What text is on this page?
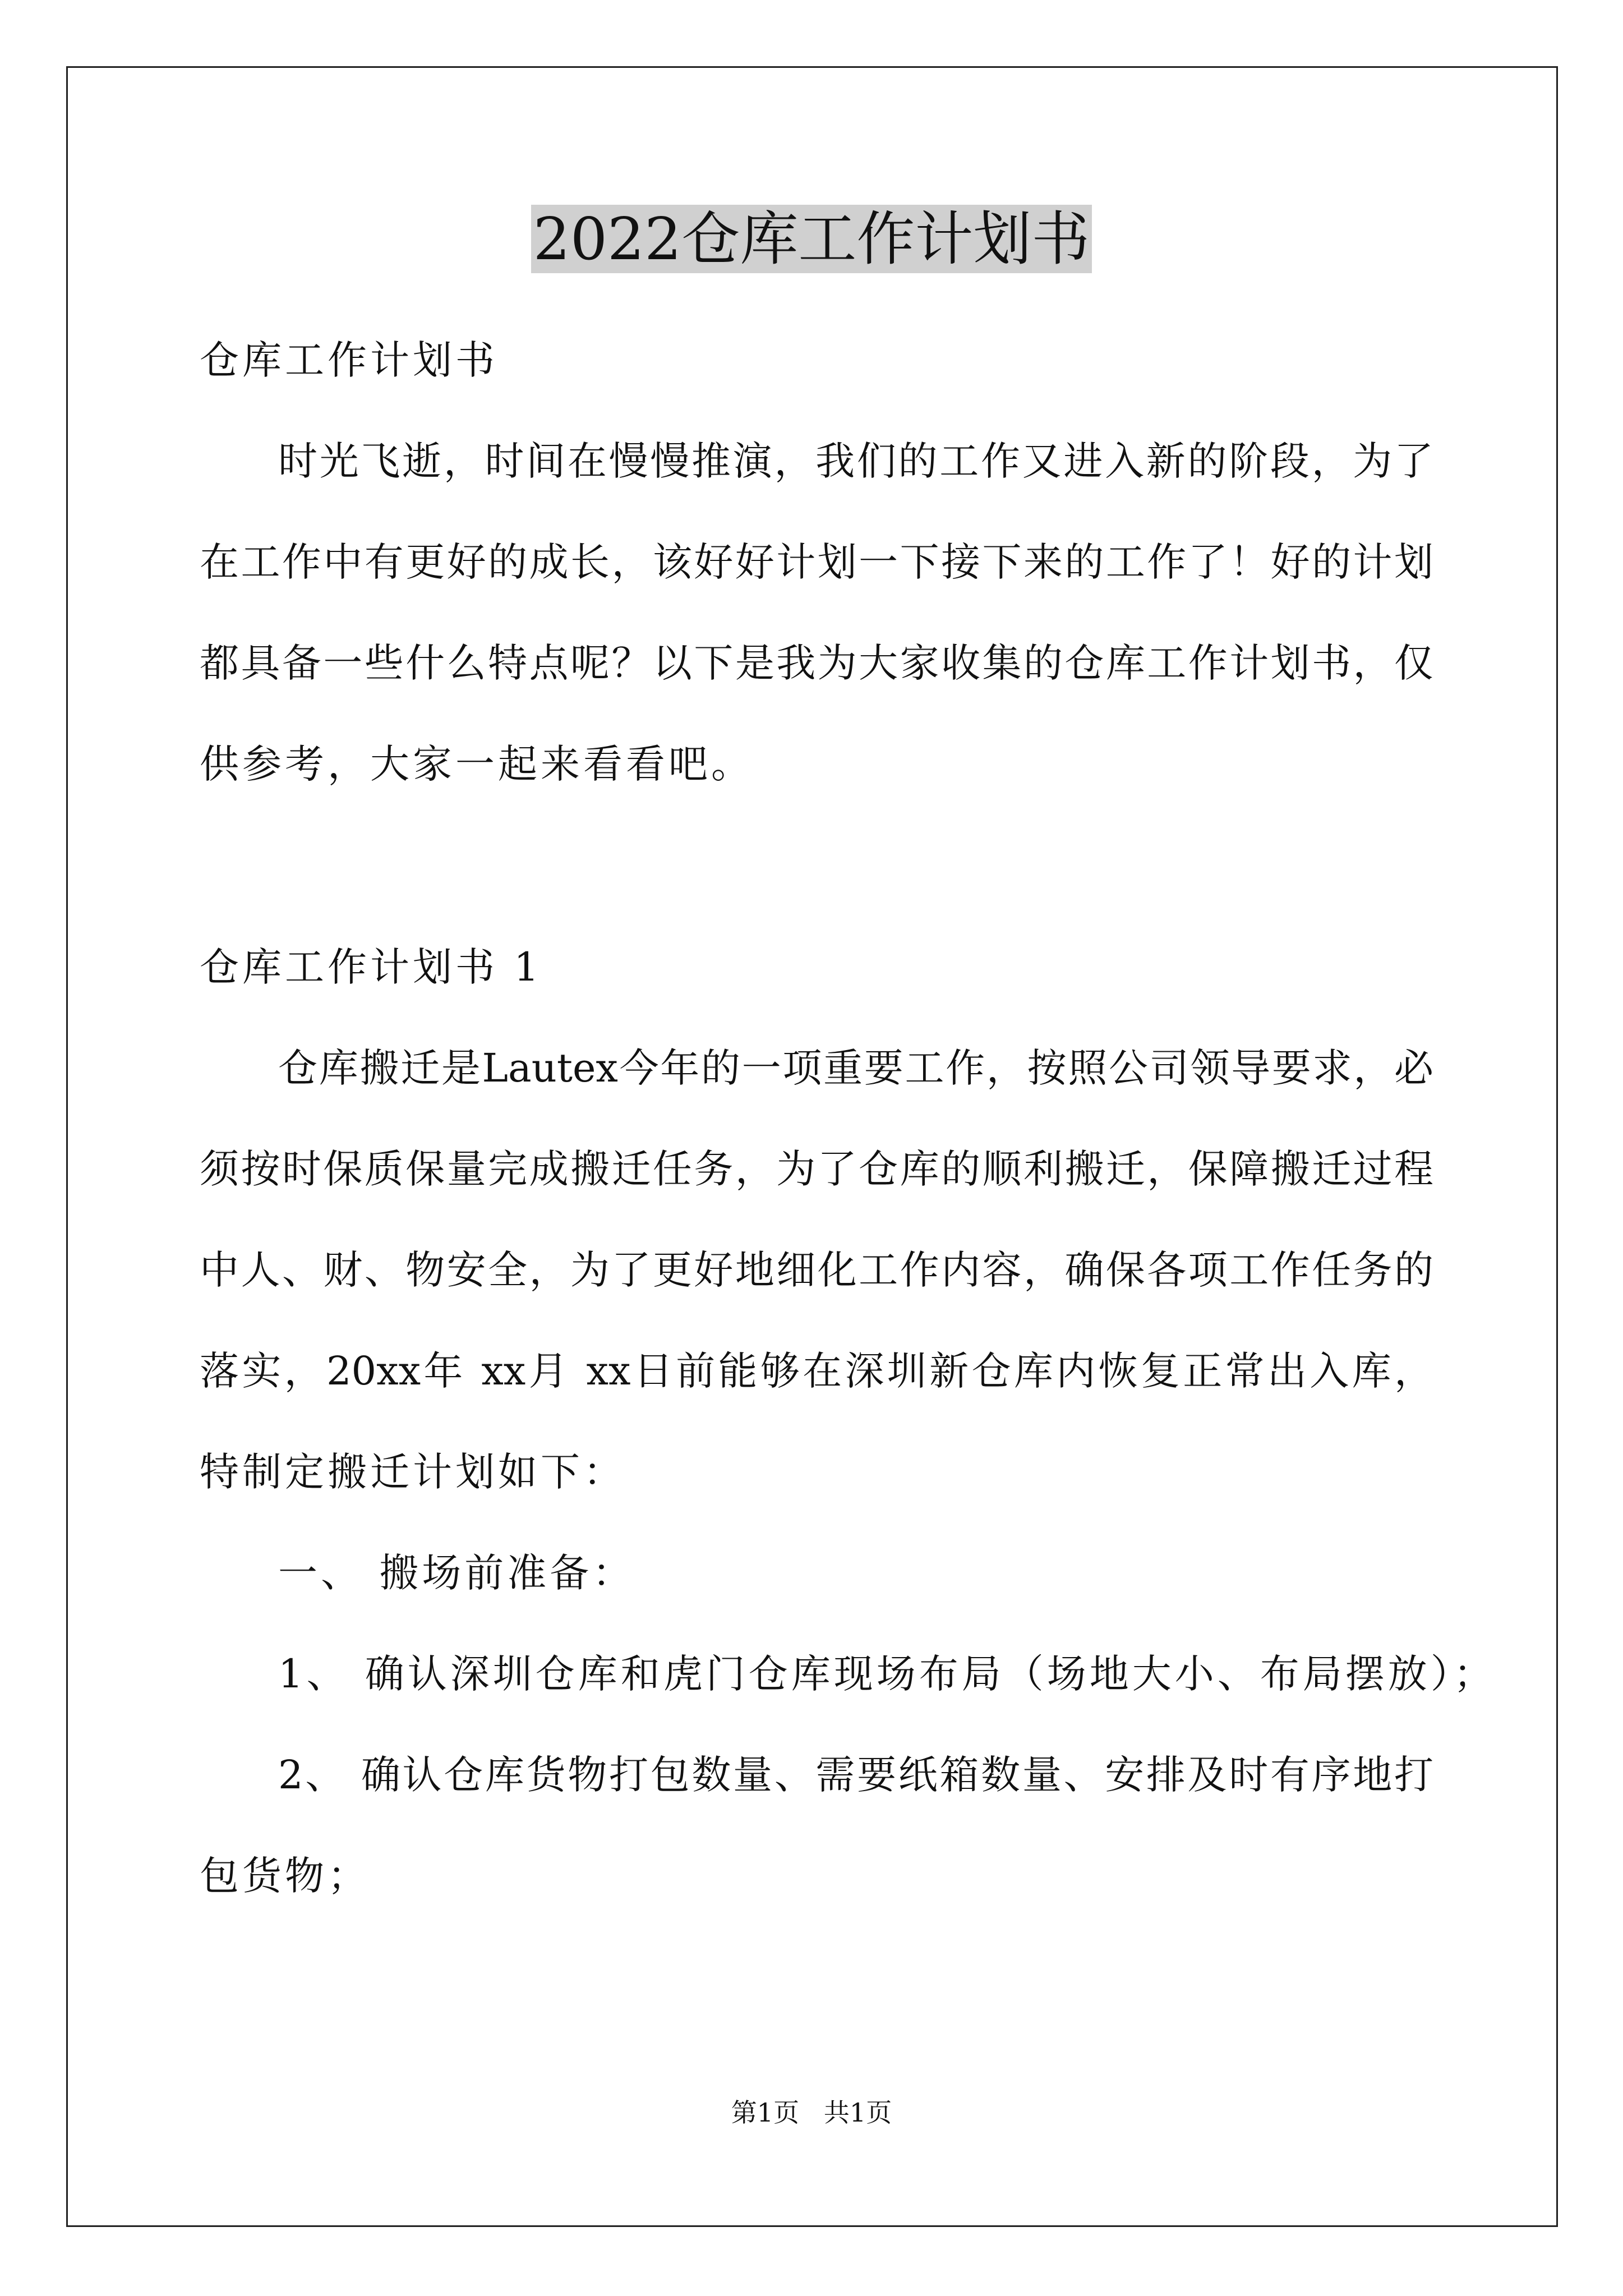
2022仓库工作计划书
仓库工作计划书
时光飞逝，时间在慢慢推演，我们的工作又进入新的阶段，为了
在工作中有更好的成长，该好好计划一下接下来的工作了！好的计划
都具备一些什么特点呢？以下是我为大家收集的仓库工作计划书，仅
供参考，大家一起来看看吧。
仓库工作计划书 1
仓库搬迁是Lautex今年的一项重要工作，按照公司领导要求，必
须按时保质保量完成搬迁任务，为了仓库的顺利搬迁，保障搬迁过程
中人、财、物安全，为了更好地细化工作内容，确保各项工作任务的
落实，20xx年 xx月 xx日前能够在深圳新仓库内恢复正常出入库，
特制定搬迁计划如下：
一、 搬场前准备：
1、 确认深圳仓库和虎门仓库现场布局（场地大小、布局摆放）；
2、 确认仓库货物打包数量、需要纸箱数量、安排及时有序地打
包货物；
第1页   共1页
